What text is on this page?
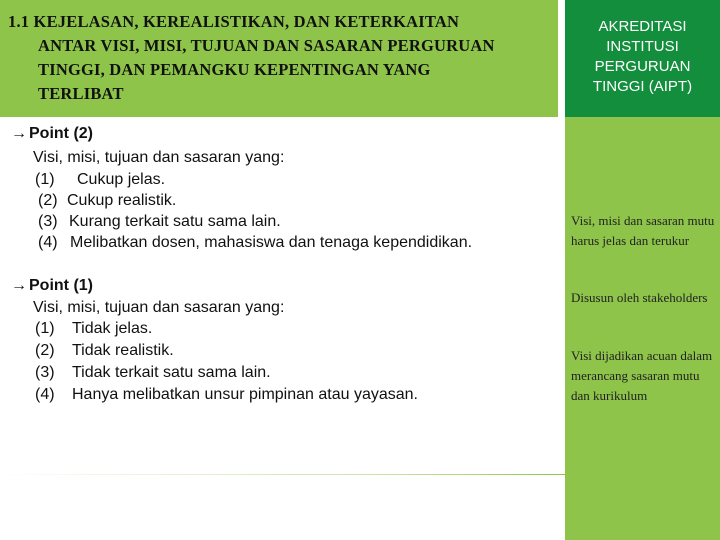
1.1 KEJELASAN, KEREALISTIKAN, DAN KETERKAITAN
ANTAR VISI, MISI, TUJUAN DAN SASARAN PERGURUAN
TINGGI, DAN PEMANGKU KEPENTINGAN YANG
TERLIBAT
AKREDITASI
INSTITUSI
PERGURUAN
TINGGI (AIPT)
Visi, misi dan sasaran mutu harus jelas dan terukur
Disusun oleh stakeholders
Visi dijadikan acuan dalam merancang sasaran mutu dan kurikulum
→ Point (2)
Visi, misi, tujuan dan sasaran yang:
(1) Cukup jelas.
(2) Cukup realistik.
(3) Kurang terkait satu sama lain.
(4) Melibatkan dosen, mahasiswa dan tenaga kependidikan.
→ Point (1)
Visi, misi, tujuan dan sasaran yang:
(1) Tidak jelas.
(2) Tidak realistik.
(3) Tidak terkait satu sama lain.
(4) Hanya melibatkan unsur pimpinan atau yayasan.
